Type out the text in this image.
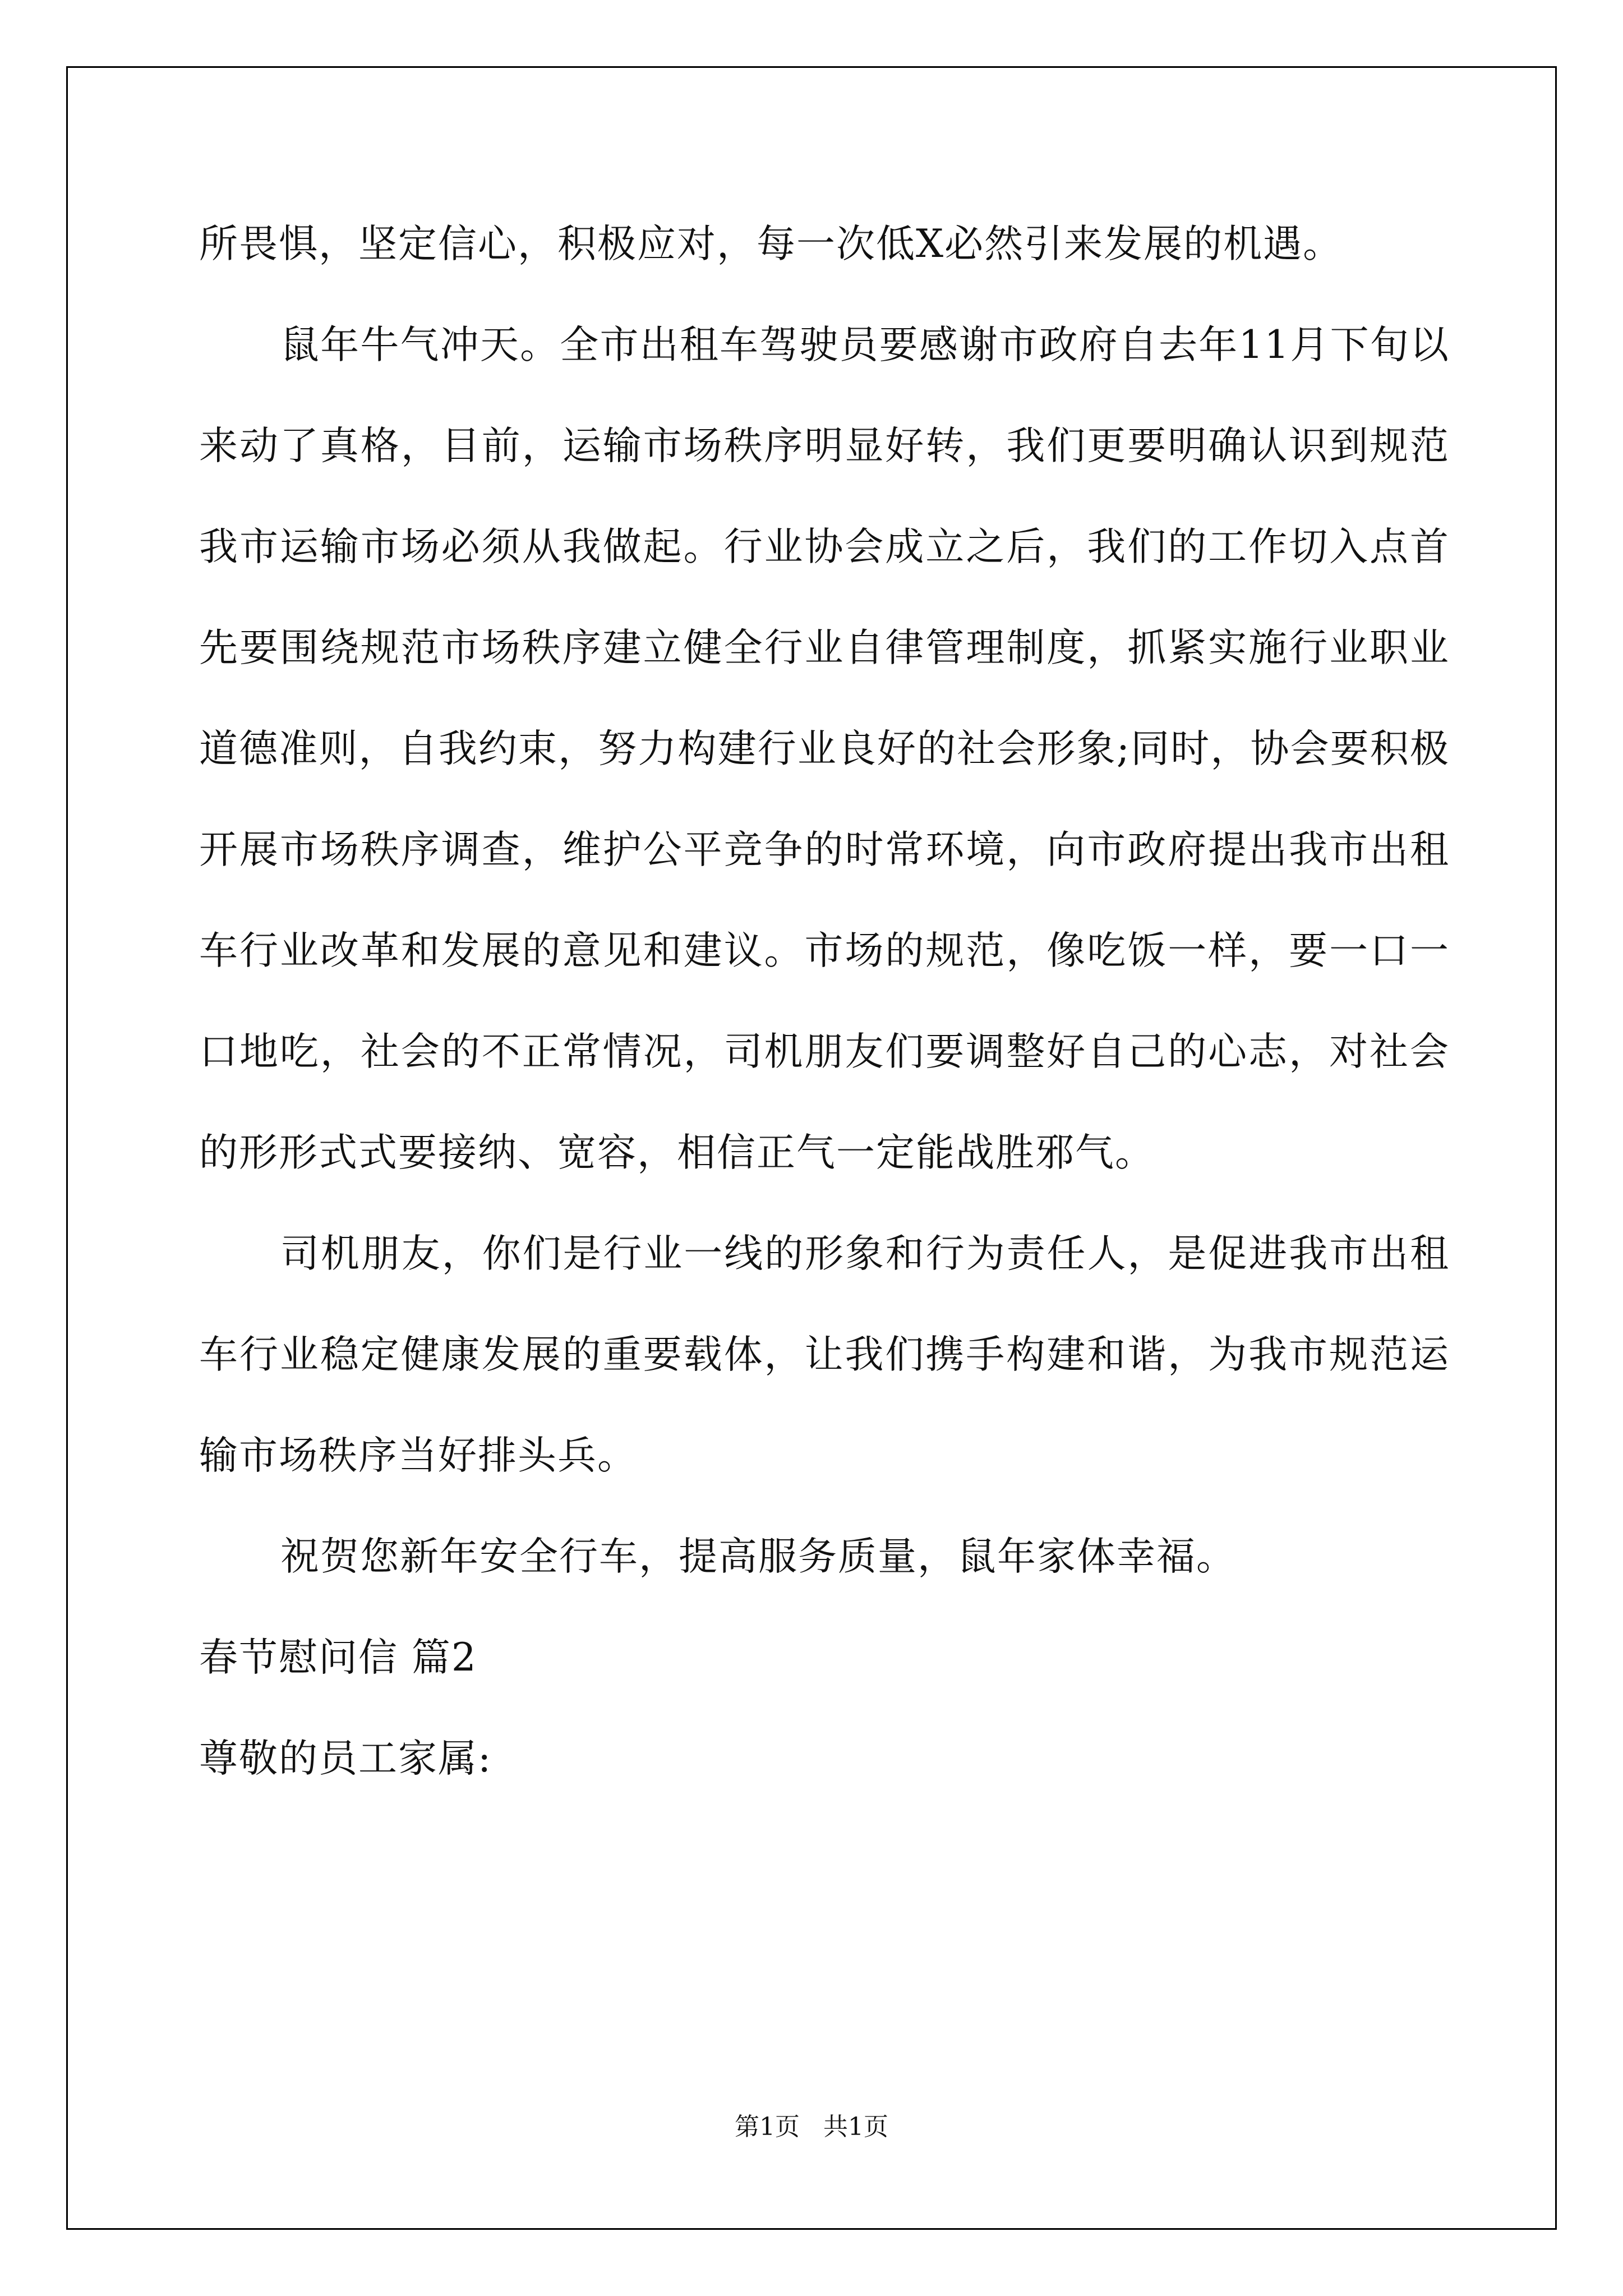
所畏惧，坚定信心，积极应对，每一次低X必然引来发展的机遇。

鼠年牛气冲天。全市出租车驾驶员要感谢市政府自去年11月下旬以来动了真格，目前，运输市场秩序明显好转，我们更要明确认识到规范我市运输市场必须从我做起。行业协会成立之后，我们的工作切入点首先要围绕规范市场秩序建立健全行业自律管理制度，抓紧实施行业职业道德准则，自我约束，努力构建行业良好的社会形象;同时，协会要积极开展市场秩序调查，维护公平竞争的时常环境，向市政府提出我市出租车行业改革和发展的意见和建议。市场的规范，像吃饭一样，要一口一口地吃，社会的不正常情况，司机朋友们要调整好自己的心志，对社会的形形式式要接纳、宽容，相信正气一定能战胜邪气。

司机朋友，你们是行业一线的形象和行为责任人，是促进我市出租车行业稳定健康发展的重要载体，让我们携手构建和谐，为我市规范运输市场秩序当好排头兵。

祝贺您新年安全行车，提高服务质量，鼠年家体幸福。

春节慰问信 篇2

尊敬的员工家属:

第1页 共1页
